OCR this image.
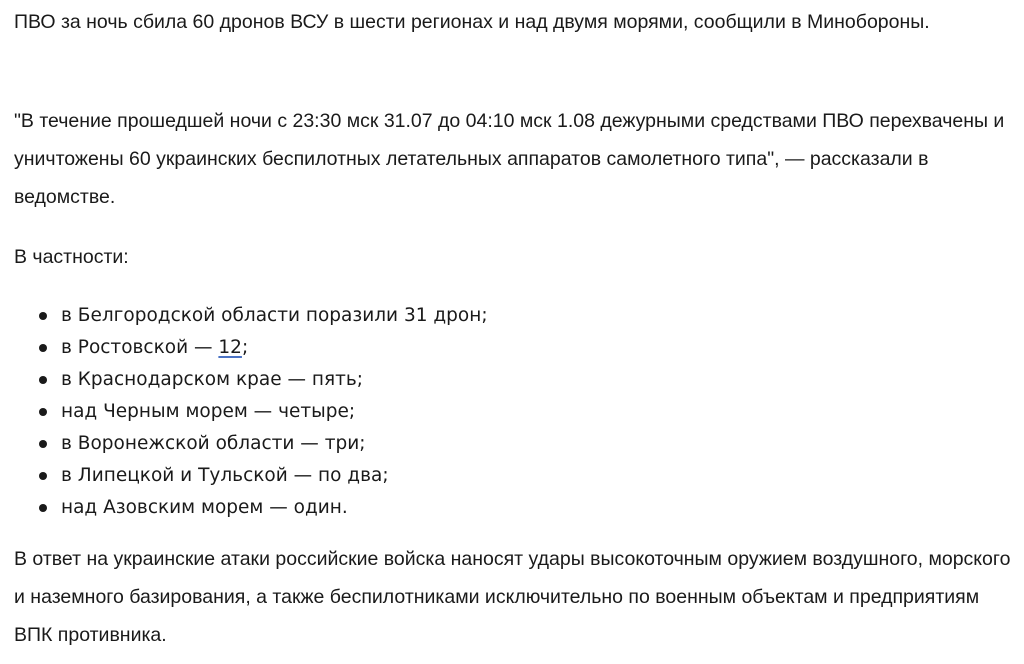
ПВО за ночь сбила 60 дронов ВСУ в шести регионах и над двумя морями, сообщили в Минобороны.

"В течение прошедшей ночи с 23:30 мск 31.07 до 04:10 мск 1.08 дежурными средствами ПВО перехвачены и уничтожены 60 украинских беспилотных летательных аппаратов самолетного типа", — рассказали в ведомстве.

В частности:

в Белгородской области поразили 31 дрон;
в Ростовской — 12;
в Краснодарском крае — пять;
над Черным морем — четыре;
в Воронежской области — три;
в Липецкой и Тульской — по два;
над Азовским морем — один.

В ответ на украинские атаки российские войска наносят удары высокоточным оружием воздушного, морского и наземного базирования, а также беспилотниками исключительно по военным объектам и предприятиям ВПК противника.
